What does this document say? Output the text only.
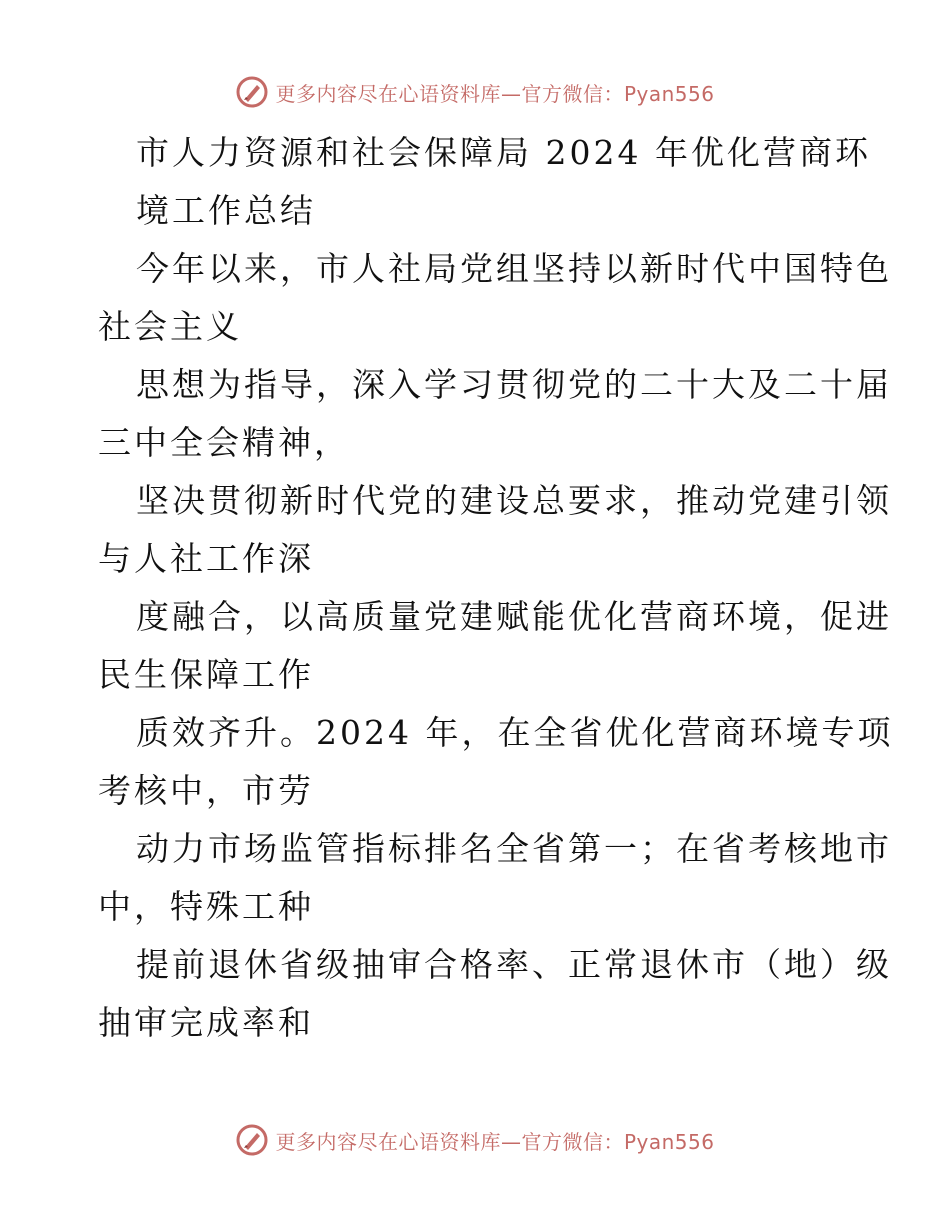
更多内容尽在心语资料库—官方微信：Pyan556
市人力资源和社会保障局 2024 年优化营商环
境工作总结
今年以来，市人社局党组坚持以新时代中国特色
社会主义
思想为指导，深入学习贯彻党的二十大及二十届
三中全会精神，
坚决贯彻新时代党的建设总要求，推动党建引领
与人社工作深
度融合，以高质量党建赋能优化营商环境，促进
民生保障工作
质效齐升。2024 年，在全省优化营商环境专项
考核中，市劳
动力市场监管指标排名全省第一；在省考核地市
中，特殊工种
提前退休省级抽审合格率、正常退休市（地）级
抽审完成率和
更多内容尽在心语资料库—官方微信：Pyan556
